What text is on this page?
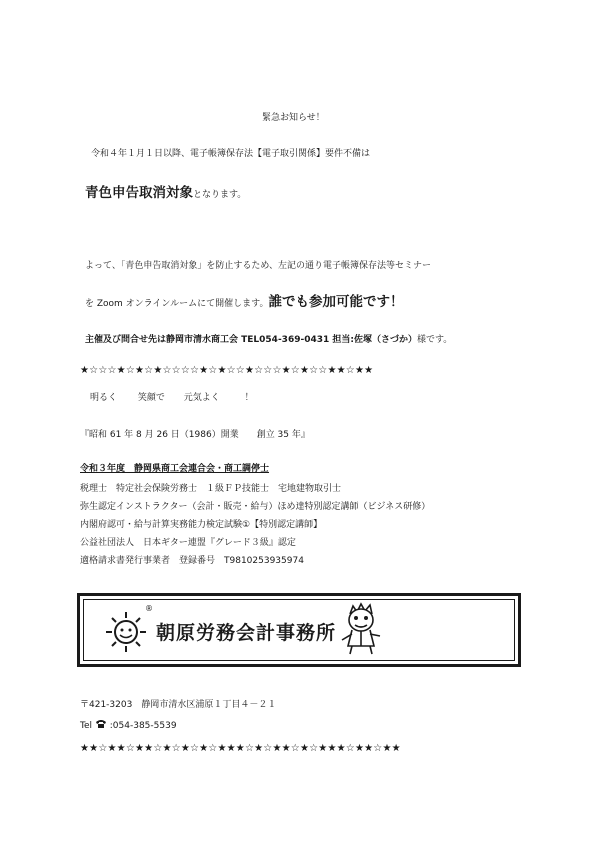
緊急お知らせ！
令和４年１月１日以降、電子帳簿保存法【電子取引関係】要件不備は
青色申告取消対象となります。
よって、「青色申告取消対象」を防止するため、左記の通り電子帳簿保存法等セミナー
を Zoom オンラインルームにて開催します。誰でも参加可能です！
主催及び問合せ先は静岡市清水商工会 TEL054-369-0431 担当:佐塚（さづか）様です。
★☆☆☆★☆★☆★☆☆☆☆★☆★☆☆★☆☆☆★☆★☆☆★★☆★★
明るく 笑顔で 元気よく	！
『昭和 61 年 8 月 26 日（1986）開業　　創立 35 年』
令和３年度　静岡県商工会連合会・商工調停士
税理士　特定社会保険労務士　１級ＦＰ技能士　宅地建物取引士
弥生認定インストラクター（会計・販売・給与）ほめ達特別認定講師（ビジネス研修）
内閣府認可・給与計算実務能力検定試験①【特別認定講師】
公益社団法人　日本ギター連盟『グレード３級』認定
適格請求書発行事業者　登録番号　T9810253935974
®
朝原労務会計事務所
〒421-3203　静岡市清水区浦原１丁目４－２１
Tel :054-385-5539
★★☆★★☆★★☆★☆★☆★☆★★★☆★☆★★☆★☆★★★☆★★☆★★
